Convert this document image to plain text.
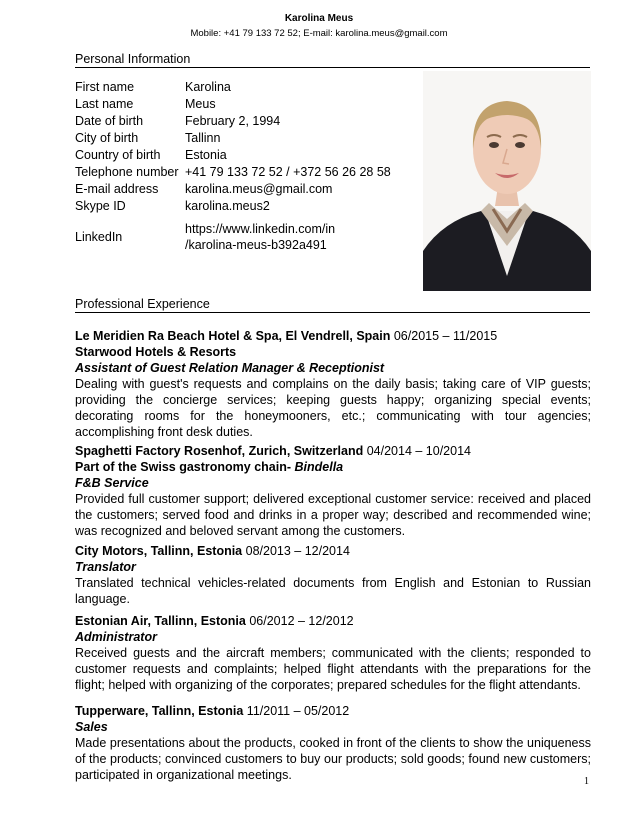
Karolina Meus
Mobile: +41 79 133 72 52; E-mail: karolina.meus@gmail.com
Personal Information
First name	Karolina
Last name	Meus
Date of birth	February 2, 1994
City of birth	Tallinn
Country of birth	Estonia
Telephone number	+41 79 133 72 52 / +372 56 26 28 58
E-mail address	karolina.meus@gmail.com
Skype ID	karolina.meus2
LinkedIn	https://www.linkedin.com/in
/karolina-meus-b392a491
Professional Experience
Le Meridien Ra Beach Hotel & Spa, El Vendrell, Spain 06/2015 – 11/2015
Starwood Hotels & Resorts
Assistant of Guest Relation Manager & Receptionist
Dealing with guest's requests and complains on the daily basis; taking care of VIP guests; providing the concierge services; keeping guests happy; organizing special events; decorating rooms for the honeymooners, etc.; communicating with tour agencies; accomplishing front desk duties.
Spaghetti Factory Rosenhof, Zurich, Switzerland 04/2014 – 10/2014
Part of the Swiss gastronomy chain- Bindella
F&B Service
Provided full customer support; delivered exceptional customer service: received and placed the customers; served food and drinks in a proper way; described and recommended wine; was recognized and beloved servant among the customers.
City Motors, Tallinn, Estonia 08/2013 – 12/2014
Translator
Translated technical vehicles-related documents from English and Estonian to Russian language.
Estonian Air, Tallinn, Estonia 06/2012 – 12/2012
Administrator
Received guests and the aircraft members; communicated with the clients; responded to customer requests and complaints; helped flight attendants with the preparations for the flight; helped with organizing of the corporates; prepared schedules for the flight attendants.
Tupperware, Tallinn, Estonia 11/2011 – 05/2012
Sales
Made presentations about the products, cooked in front of the clients to show the uniqueness of the products; convinced customers to buy our products; sold goods; found new customers; participated in organizational meetings.	1
